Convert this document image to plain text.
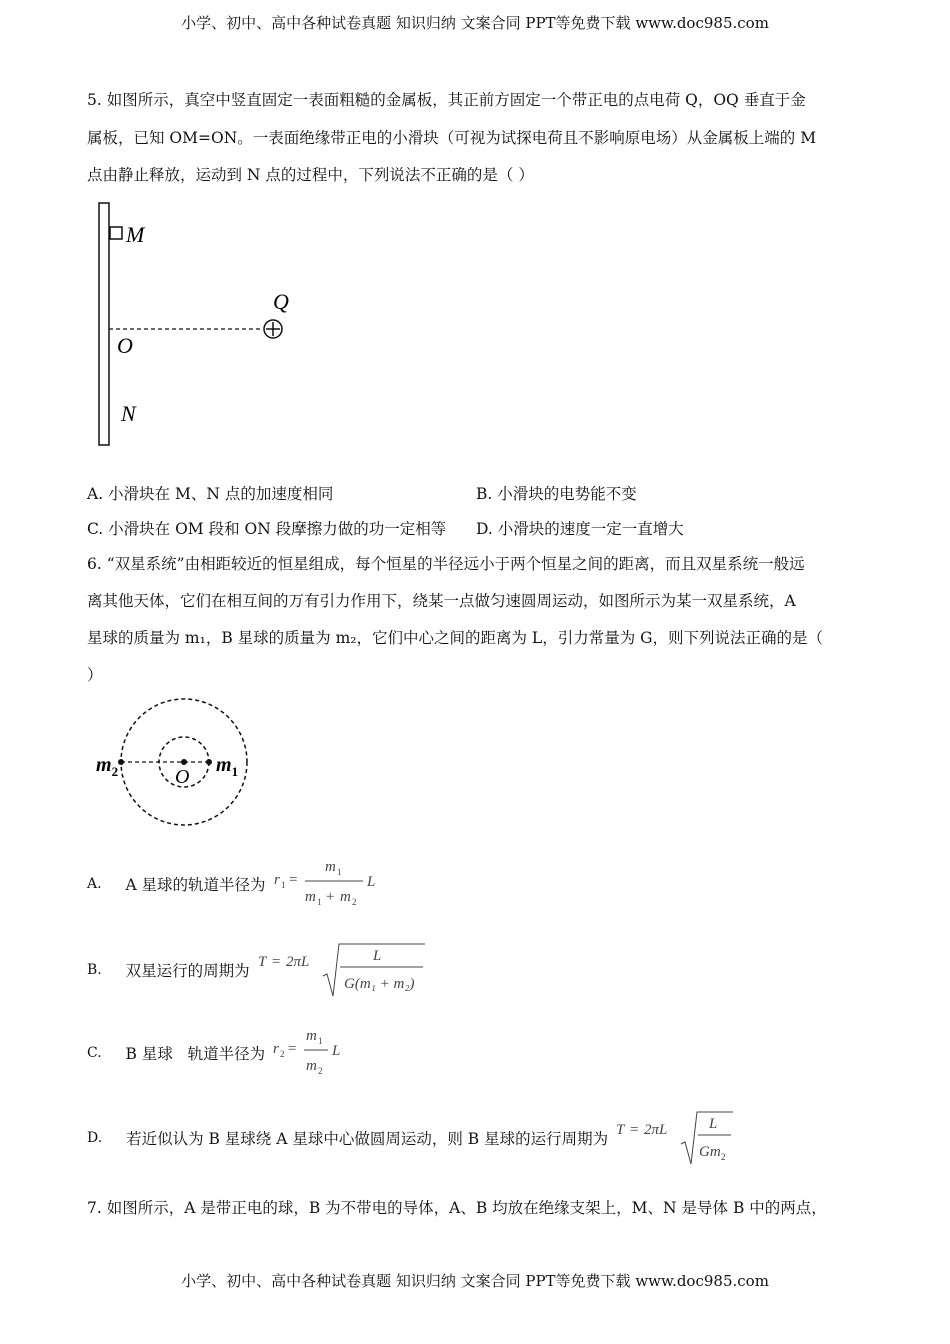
小学、初中、高中各种试卷真题 知识归纳 文案合同 PPT等免费下载 www.doc985.com
5. 如图所示，真空中竖直固定一表面粗糙的金属板，其正前方固定一个带正电的点电荷 Q，OQ 垂直于金
属板，已知 OM=ON。一表面绝缘带正电的小滑块（可视为试探电荷且不影响原电场）从金属板上端的 M
点由静止释放，运动到 N 点的过程中，下列说法不正确的是（ ）
M
Q
O
N
A. 小滑块在 M、N 点的加速度相同	B. 小滑块的电势能不变
C. 小滑块在 OM 段和 ON 段摩擦力做的功一定相等 D. 小滑块的速度一定一直增大
6. “双星系统”由相距较近的恒星组成，每个恒星的半径远小于两个恒星之间的距离，而且双星系统一般远
离其他天体，它们在相互间的万有引力作用下，绕某一点做匀速圆周运动，如图所示为某一双星系统，A
星球的质量为 m₁，B 星球的质量为 m₂，它们中心之间的距离为 L，引力常量为 G，则下列说法正确的是（
）
$m_2$	O
$m_1$
A. A 星球的轨道半径为 r 1 =
m 1
m 1 + m 2
L
B. 双星运行的周期为 T = 2πL	L
G(m₁ + m₂)
C. B 星球   轨道半径为 r 2 =
m 1
m 2
L
D. 若近似认为 B 星球绕 A 星球中心做圆周运动，则 B 星球的运行周期为 T = 2πL	L
Gm 2
7. 如图所示，A 是带正电的球，B 为不带电的导体，A、B 均放在绝缘支架上，M、N 是导体 B 中的两点，
小学、初中、高中各种试卷真题 知识归纳 文案合同 PPT等免费下载 www.doc985.com
